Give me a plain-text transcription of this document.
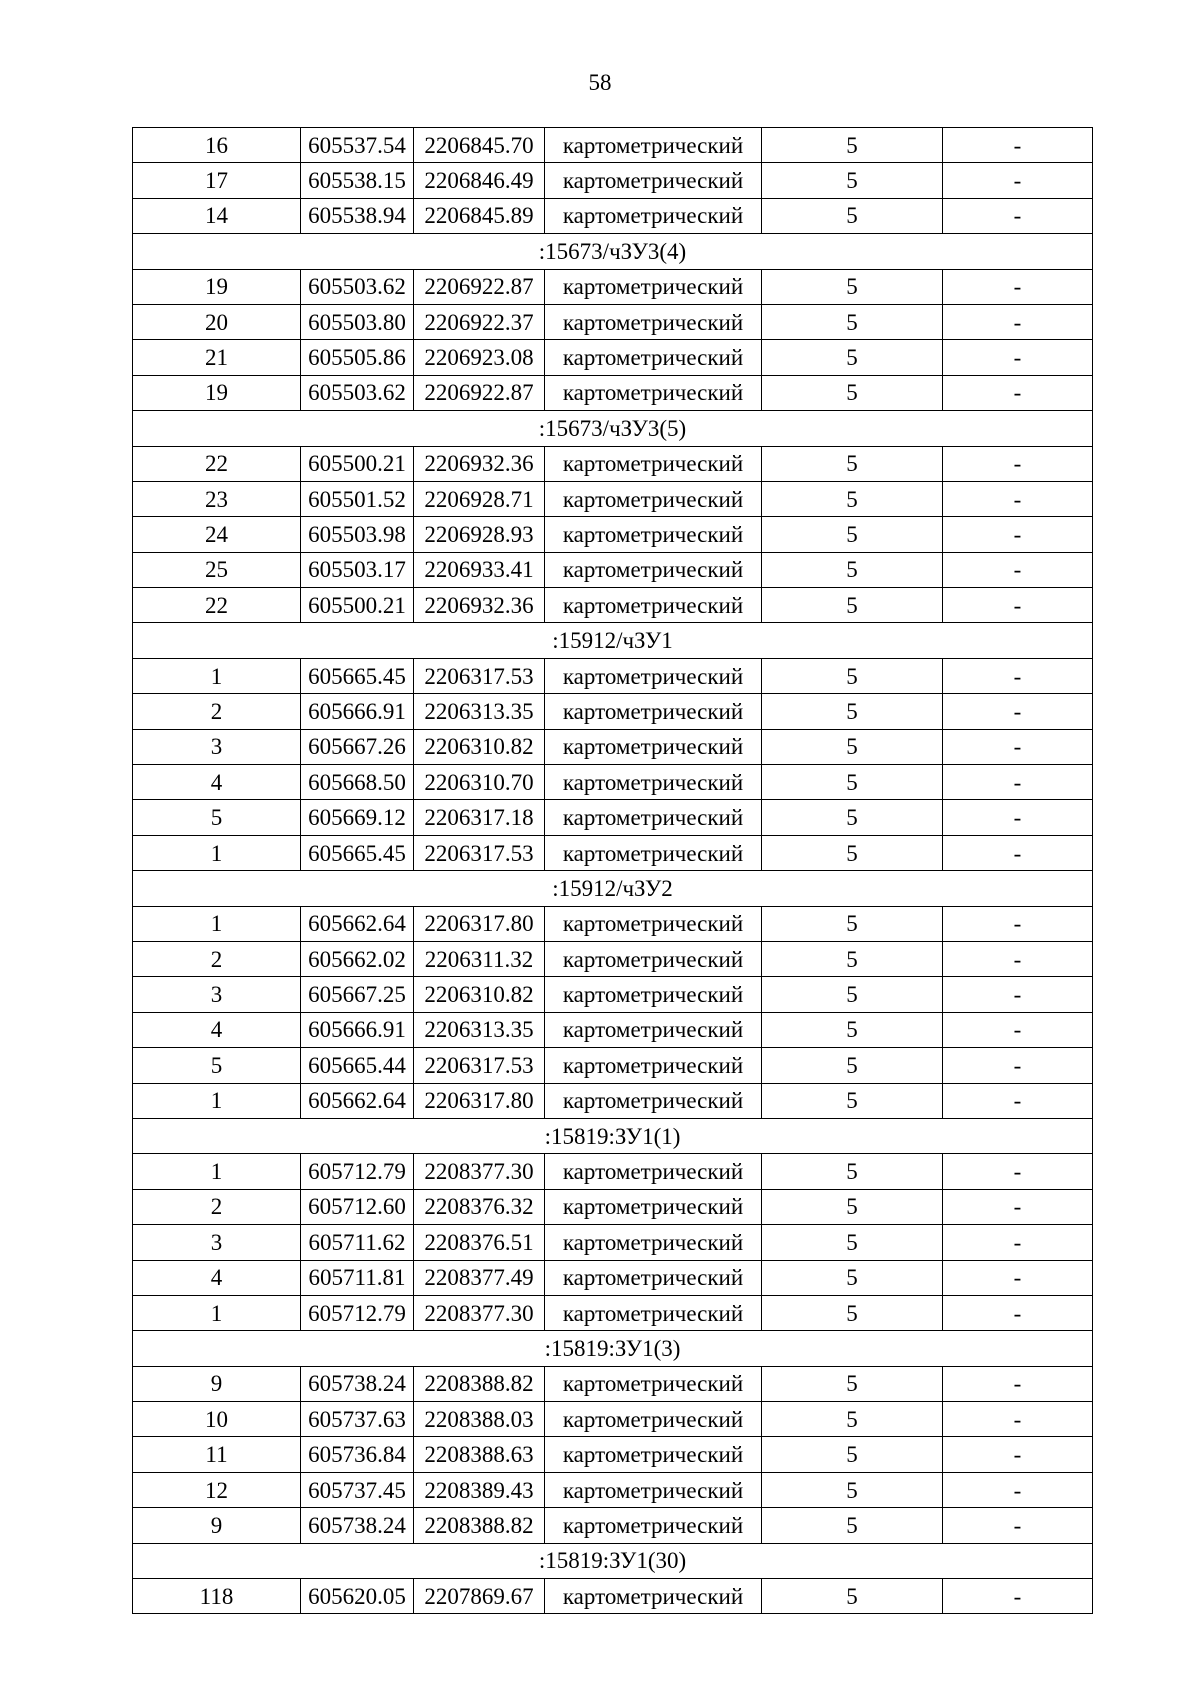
58
16	605537.54	2206845.70	картометрический	5	-
17	605538.15	2206846.49	картометрический	5	-
14	605538.94	2206845.89	картометрический	5	-
:15673/чЗУ3(4)					
19	605503.62	2206922.87	картометрический	5	-
20	605503.80	2206922.37	картометрический	5	-
21	605505.86	2206923.08	картометрический	5	-
19	605503.62	2206922.87	картометрический	5	-
:15673/чЗУ3(5)					
22	605500.21	2206932.36	картометрический	5	-
23	605501.52	2206928.71	картометрический	5	-
24	605503.98	2206928.93	картометрический	5	-
25	605503.17	2206933.41	картометрический	5	-
22	605500.21	2206932.36	картометрический	5	-
:15912/чЗУ1					
1	605665.45	2206317.53	картометрический	5	-
2	605666.91	2206313.35	картометрический	5	-
3	605667.26	2206310.82	картометрический	5	-
4	605668.50	2206310.70	картометрический	5	-
5	605669.12	2206317.18	картометрический	5	-
1	605665.45	2206317.53	картометрический	5	-
:15912/чЗУ2					
1	605662.64	2206317.80	картометрический	5	-
2	605662.02	2206311.32	картометрический	5	-
3	605667.25	2206310.82	картометрический	5	-
4	605666.91	2206313.35	картометрический	5	-
5	605665.44	2206317.53	картометрический	5	-
1	605662.64	2206317.80	картометрический	5	-
:15819:ЗУ1(1)					
1	605712.79	2208377.30	картометрический	5	-
2	605712.60	2208376.32	картометрический	5	-
3	605711.62	2208376.51	картометрический	5	-
4	605711.81	2208377.49	картометрический	5	-
1	605712.79	2208377.30	картометрический	5	-
:15819:ЗУ1(3)					
9	605738.24	2208388.82	картометрический	5	-
10	605737.63	2208388.03	картометрический	5	-
11	605736.84	2208388.63	картометрический	5	-
12	605737.45	2208389.43	картометрический	5	-
9	605738.24	2208388.82	картометрический	5	-
:15819:ЗУ1(30)					
118	605620.05	2207869.67	картометрический	5	-
